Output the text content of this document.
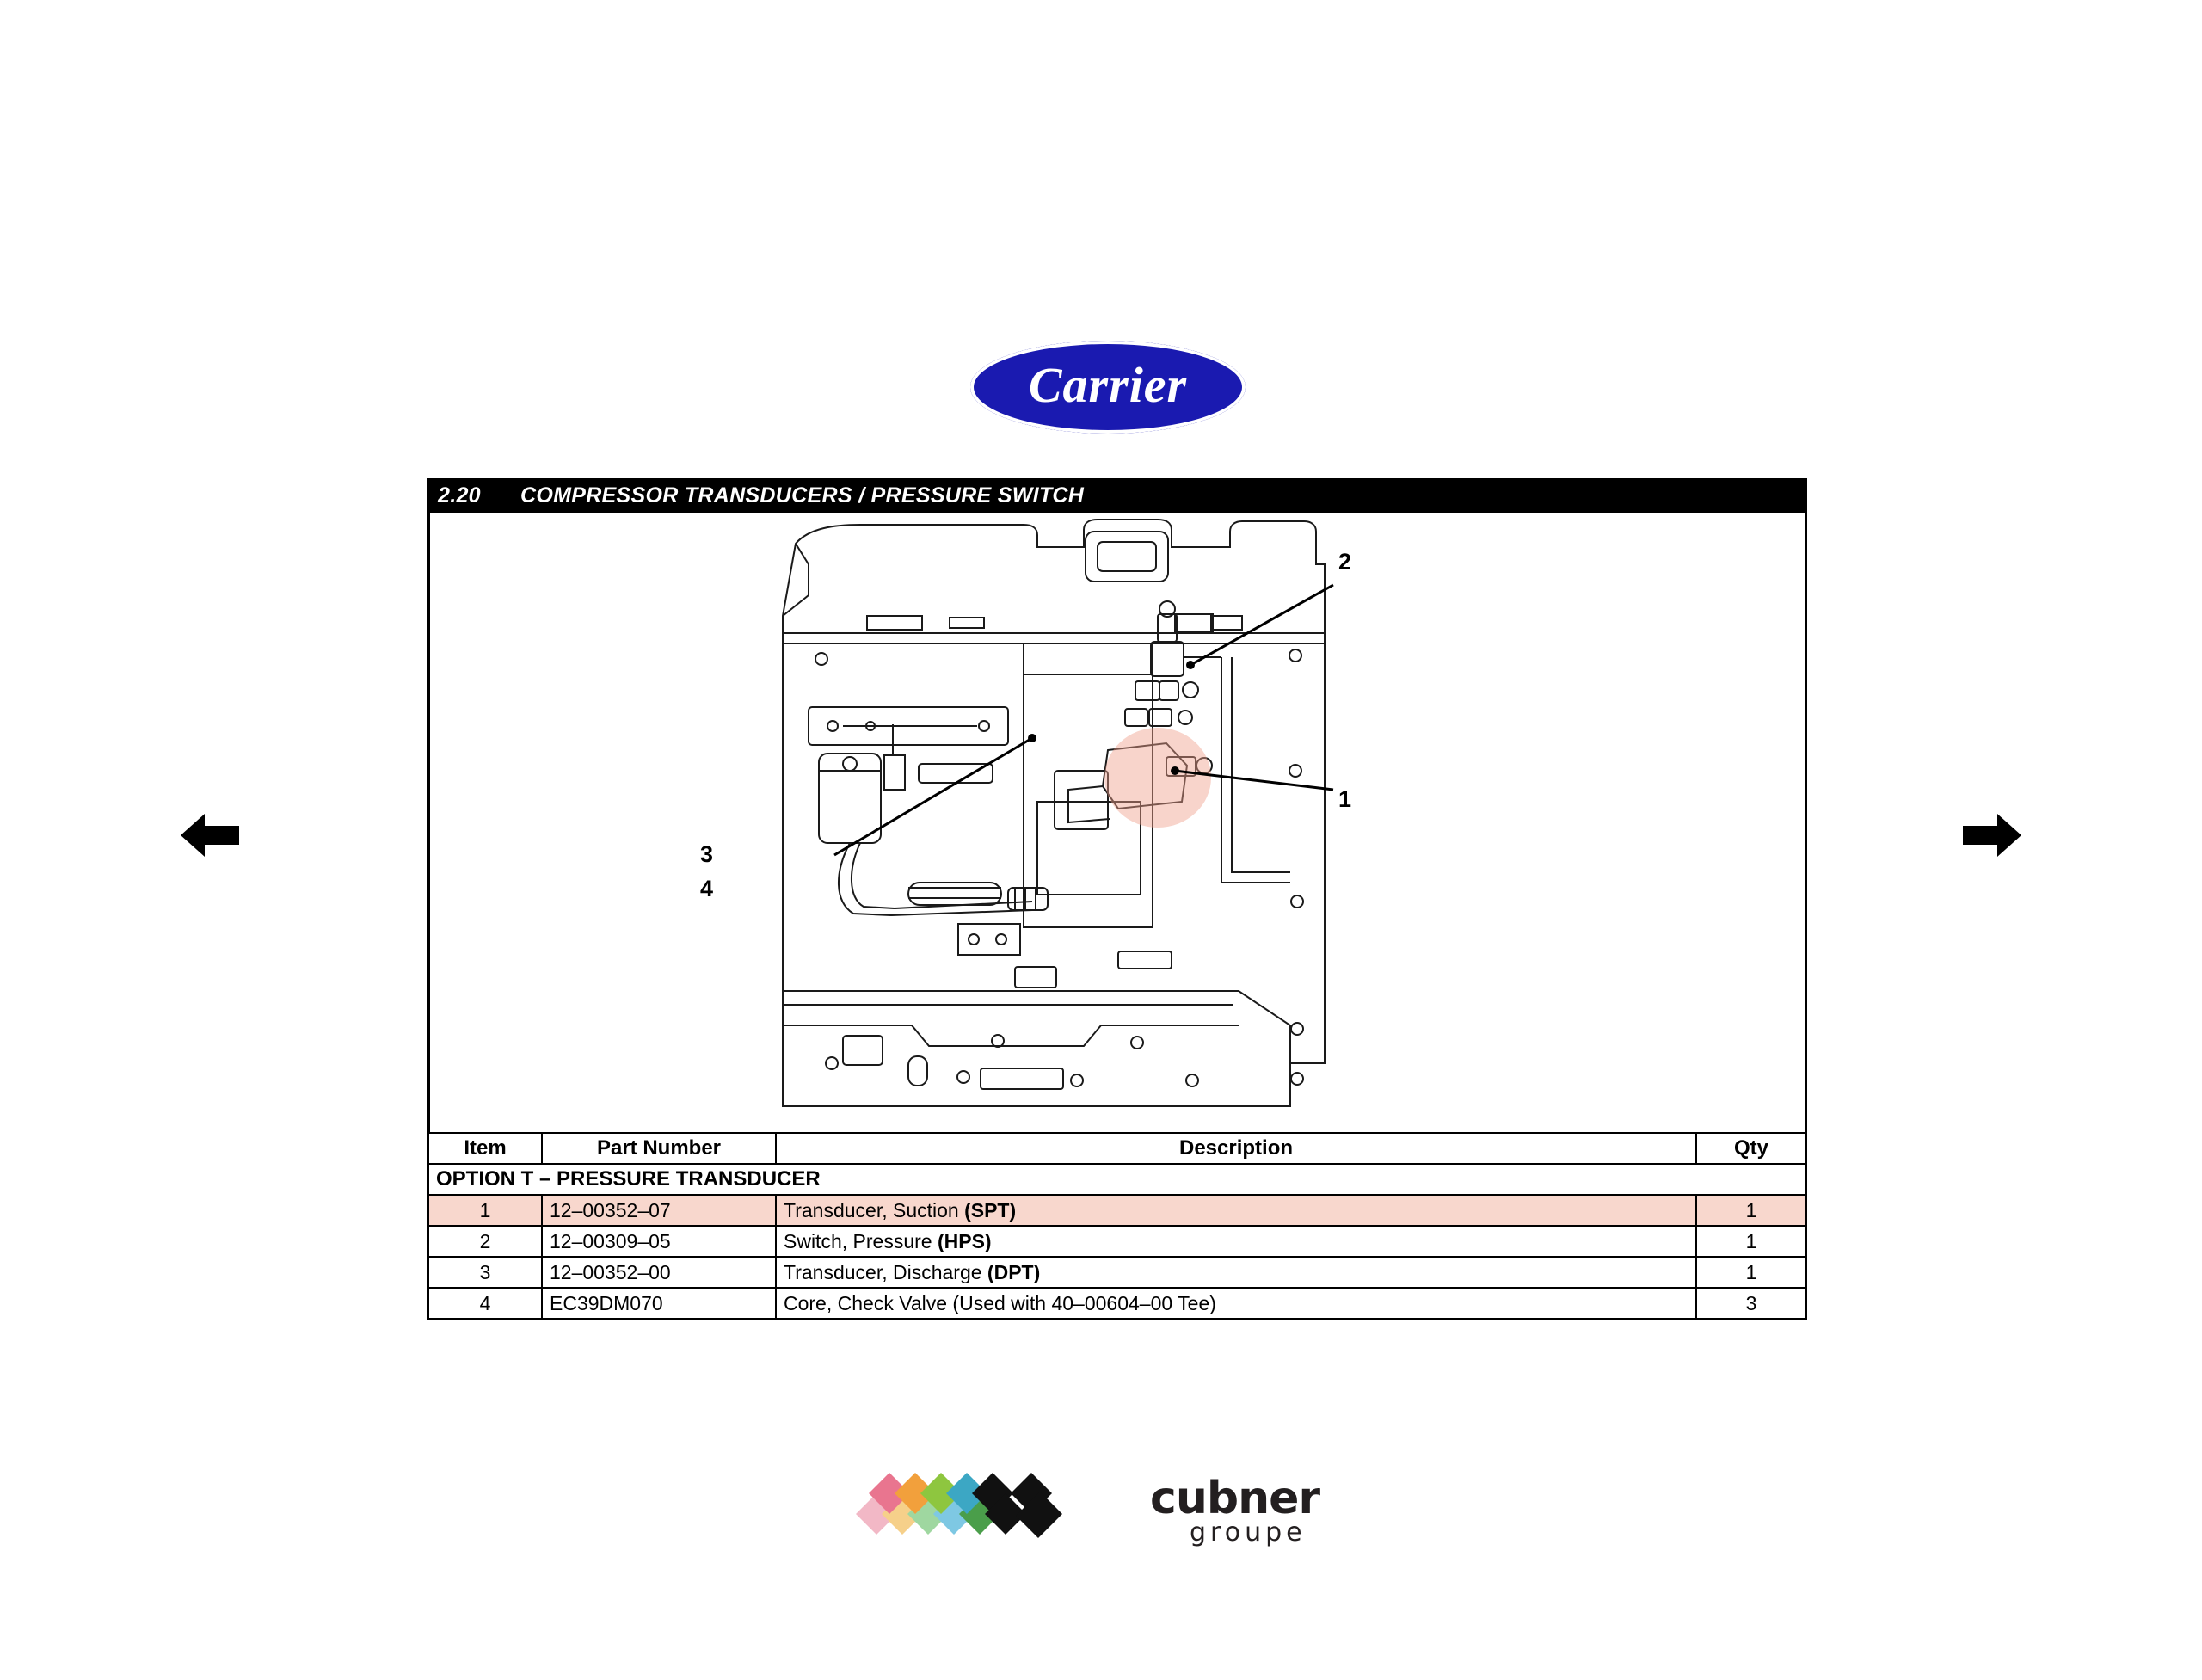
Carrier
2.20	COMPRESSOR TRANSDUCERS / PRESSURE SWITCH
2
1
3
4
Item	Part Number	Description	Qty
OPTION T – PRESSURE TRANSDUCER			
1	12–00352–07	Transducer, Suction (SPT)	1
2	12–00309–05	Switch, Pressure (HPS)	1
3	12–00352–00	Transducer, Discharge (DPT)	1
4	EC39DM070	Core, Check Valve (Used with 40–00604–00 Tee)	3
cubner
groupe
